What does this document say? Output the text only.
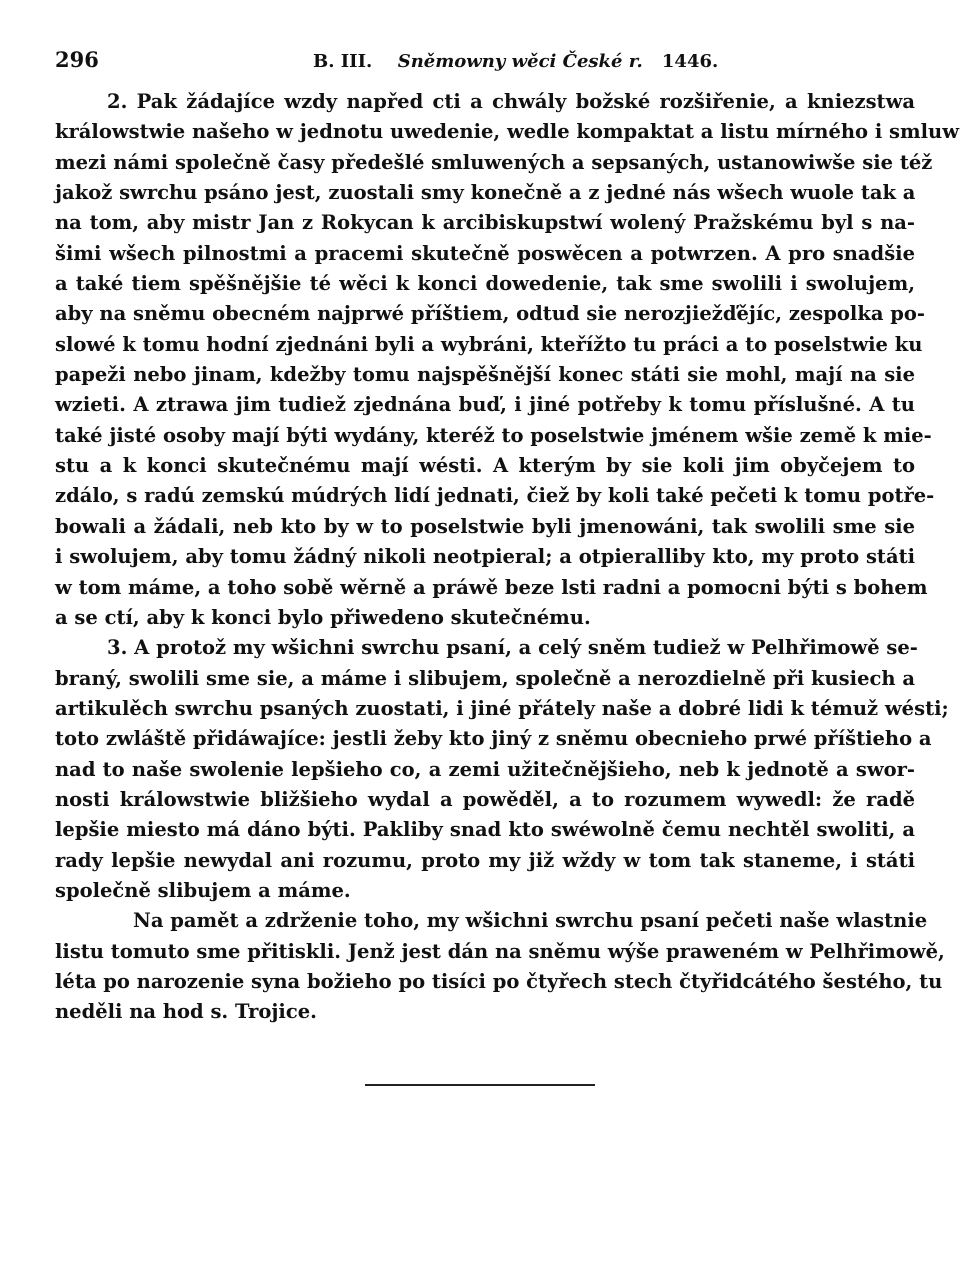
296	B. III. Sněmowny wěci České r. 1446.
2. Pak žádajíce wzdy napřed cti a chwály božské rozšiřenie, a kniezstwa
králowstwie našeho w jednotu uwedenie, wedle kompaktat a listu mírného i smluw
mezi námi společně časy předešlé smluwených a sepsaných, ustanowiwše sie též
jakož swrchu psáno jest, zuostali smy konečně a z jedné nás wšech wuole tak a
na tom, aby mistr Jan z Rokycan k arcibiskupstwí wolený Pražskému byl s na-
šimi wšech pilnostmi a pracemi skutečně poswěcen a potwrzen. A pro snadšie
a také tiem spěšnějšie té wěci k konci dowedenie, tak sme swolili i swolujem,
aby na sněmu obecném najprwé příštiem, odtud sie nerozjiežďějíc, zespolka po-
slowé k tomu hodní zjednáni byli a wybráni, kteřížto tu práci a to poselstwie ku
papeži nebo jinam, kdežby tomu najspěšnější konec státi sie mohl, mají na sie
wzieti. A ztrawa jim tudiež zjednána buď, i jiné potřeby k tomu příslušné. A tu
také jisté osoby mají býti wydány, kteréž to poselstwie jménem wšie země k mie-
stu a k konci skutečnému mají wésti. A kterým by sie koli jim obyčejem to
zdálo, s radú zemskú múdrých lidí jednati, čiež by koli také pečeti k tomu potře-
bowali a žádali, neb kto by w to poselstwie byli jmenowáni, tak swolili sme sie
i swolujem, aby tomu žádný nikoli neotpieral; a otpierallibу kto, my proto státi
w tom máme, a toho sobě wěrně a práwě beze lsti radni a pomocni býti s bohem
a se ctí, aby k konci bylo přiwedeno skutečnému.
3. A protož my wšichni swrchu psaní, a celý sněm tudiež w Pelhřimowě se-
braný, swolili sme sie, a máme i slibujem, společně a nerozdielně při kusiech a
artikulěch swrchu psaných zuostati, i jiné přátely naše a dobré lidi k témuž wésti;
toto zwláště přidáwajíce: jestli žeby kto jiný z sněmu obecnieho prwé příštieho a
nad to naše swolenie lepšieho co, a zemi užitečnějšieho, neb k jednotě a swor-
nosti králowstwie bližšieho wydal a powěděl, a to rozumem wywedl: že radě
lepšie miesto má dáno býti. Pakliby snad kto swéwolně čemu nechtěl swoliti, a
rady lepšie newydal ani rozumu, proto my již wždy w tom tak staneme, i státi
společně slibujem a máme.
Na pamět a zdrženie toho, my wšichni swrchu psaní pečeti naše wlastnie
listu tomuto sme přitiskli. Jenž jest dán na sněmu wýše praweném w Pelhřimowě,
léta po narozenie syna božieho po tisíci po čtyřech stech čtyřidcátého šestého, tu
neděli na hod s. Trojice.
